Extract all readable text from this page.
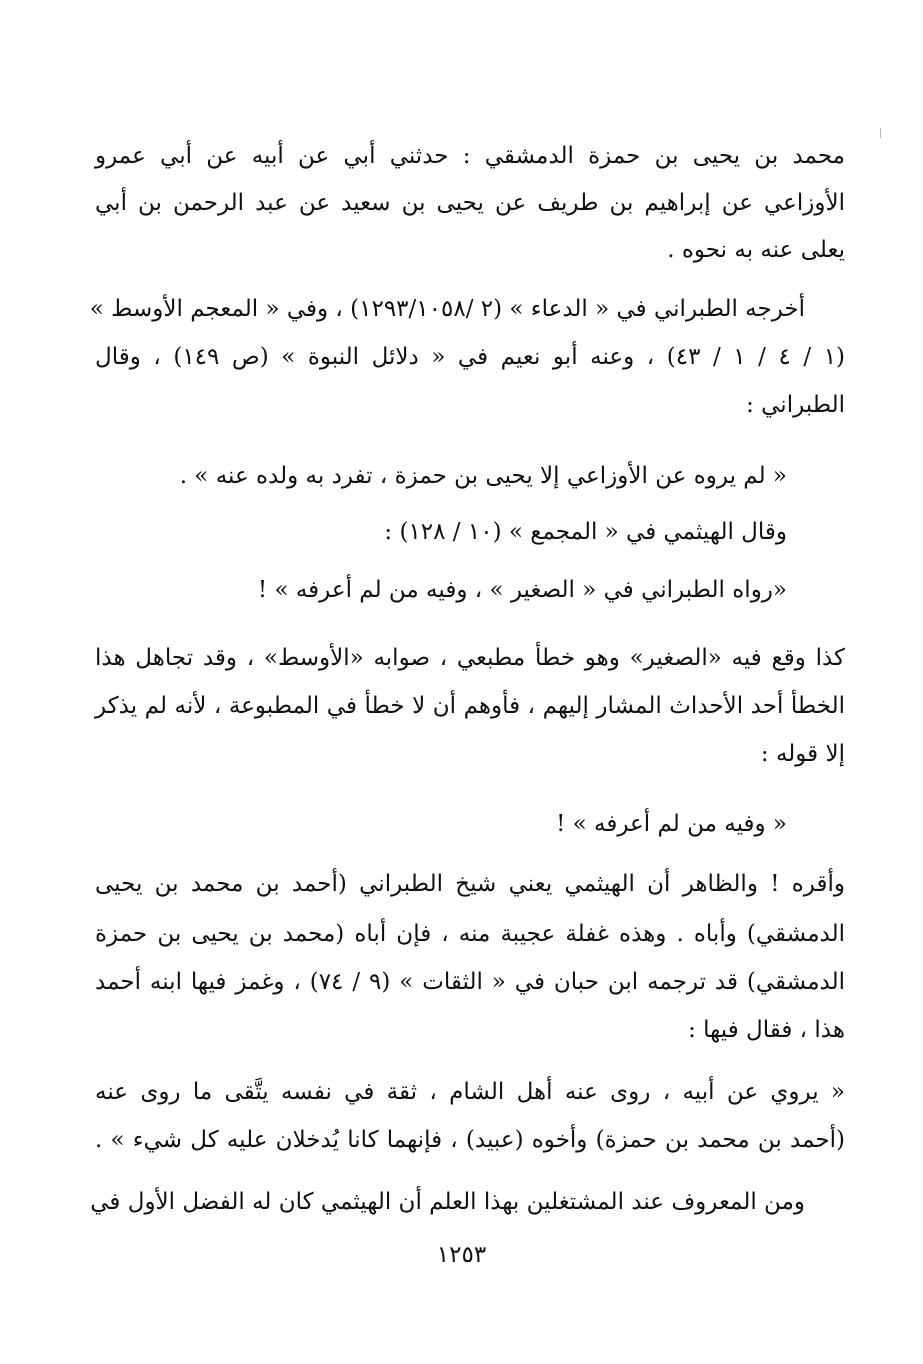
محمد بن يحيى بن حمزة الدمشقي : حدثني أبي عن أبيه عن أبي عمرو
الأوزاعي عن إبراهيم بن طريف عن يحيى بن سعيد عن عبد الرحمن بن أبي
يعلى عنه به نحوه .
أخرجه الطبراني في « الدعاء » (٢ /١٢٩٣/١٠٥٨) ، وفي « المعجم الأوسط »
(١ / ٤ / ١ / ٤٣) ، وعنه أبو نعيم في « دلائل النبوة » (ص ١٤٩) ، وقال
الطبراني :
« لم يروه عن الأوزاعي إلا يحيى بن حمزة ، تفرد به ولده عنه » .
وقال الهيثمي في « المجمع » (١٠ / ١٢٨) :
«رواه الطبراني في « الصغير » ، وفيه من لم أعرفه » !
كذا وقع فيه «الصغير» وهو خطأ مطبعي ، صوابه «الأوسط» ، وقد تجاهل هذا
الخطأ أحد الأحداث المشار إليهم ، فأوهم أن لا خطأ في المطبوعة ، لأنه لم يذكر
إلا قوله :
« وفيه من لم أعرفه » !
وأقره ! والظاهر أن الهيثمي يعني شيخ الطبراني (أحمد بن محمد بن يحيى
الدمشقي) وأباه . وهذه غفلة عجيبة منه ، فإن أباه (محمد بن يحيى بن حمزة
الدمشقي) قد ترجمه ابن حبان في « الثقات » (٩ / ٧٤) ، وغمز فيها ابنه أحمد
هذا ، فقال فيها :
« يروي عن أبيه ، روى عنه أهل الشام ، ثقة في نفسه يتَّقى ما روى عنه
(أحمد بن محمد بن حمزة) وأخوه (عبيد) ، فإنهما كانا يُدخلان عليه كل شيء » .
ومن المعروف عند المشتغلين بهذا العلم أن الهيثمي كان له الفضل الأول في
١٢٥٣
